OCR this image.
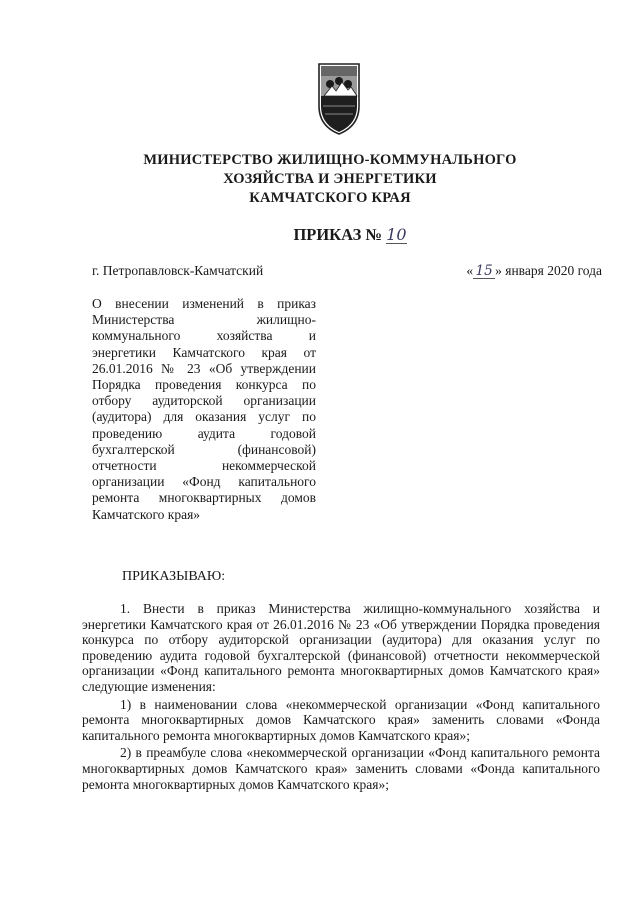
МИНИСТЕРСТВО ЖИЛИЩНО-КОММУНАЛЬНОГО
ХОЗЯЙСТВА И ЭНЕРГЕТИКИ
КАМЧАТСКОГО КРАЯ
ПРИКАЗ № 10
г. Петропавловск-Камчатский	« 15 » января 2020 года
О внесении изменений в приказ Министерства жилищно-коммунального хозяйства и энергетики Камчатского края от 26.01.2016 № 23 «Об утверждении Порядка проведения конкурса по отбору аудиторской организации (аудитора) для оказания услуг по проведению аудита годовой бухгалтерской (финансовой) отчетности некоммерческой организации «Фонд капитального ремонта многоквартирных домов Камчатского края»
ПРИКАЗЫВАЮ:

1. Внести в приказ Министерства жилищно-коммунального хозяйства и энергетики Камчатского края от 26.01.2016 № 23 «Об утверждении Порядка проведения конкурса по отбору аудиторской организации (аудитора) для оказания услуг по проведению аудита годовой бухгалтерской (финансовой) отчетности некоммерческой организации «Фонд капитального ремонта многоквартирных домов Камчатского края» следующие изменения:

1) в наименовании слова «некоммерческой организации «Фонд капитального ремонта многоквартирных домов Камчатского края» заменить словами «Фонда капитального ремонта многоквартирных домов Камчатского края»;

2) в преамбуле слова «некоммерческой организации «Фонд капитального ремонта многоквартирных домов Камчатского края» заменить словами «Фонда капитального ремонта многоквартирных домов Камчатского края»;
